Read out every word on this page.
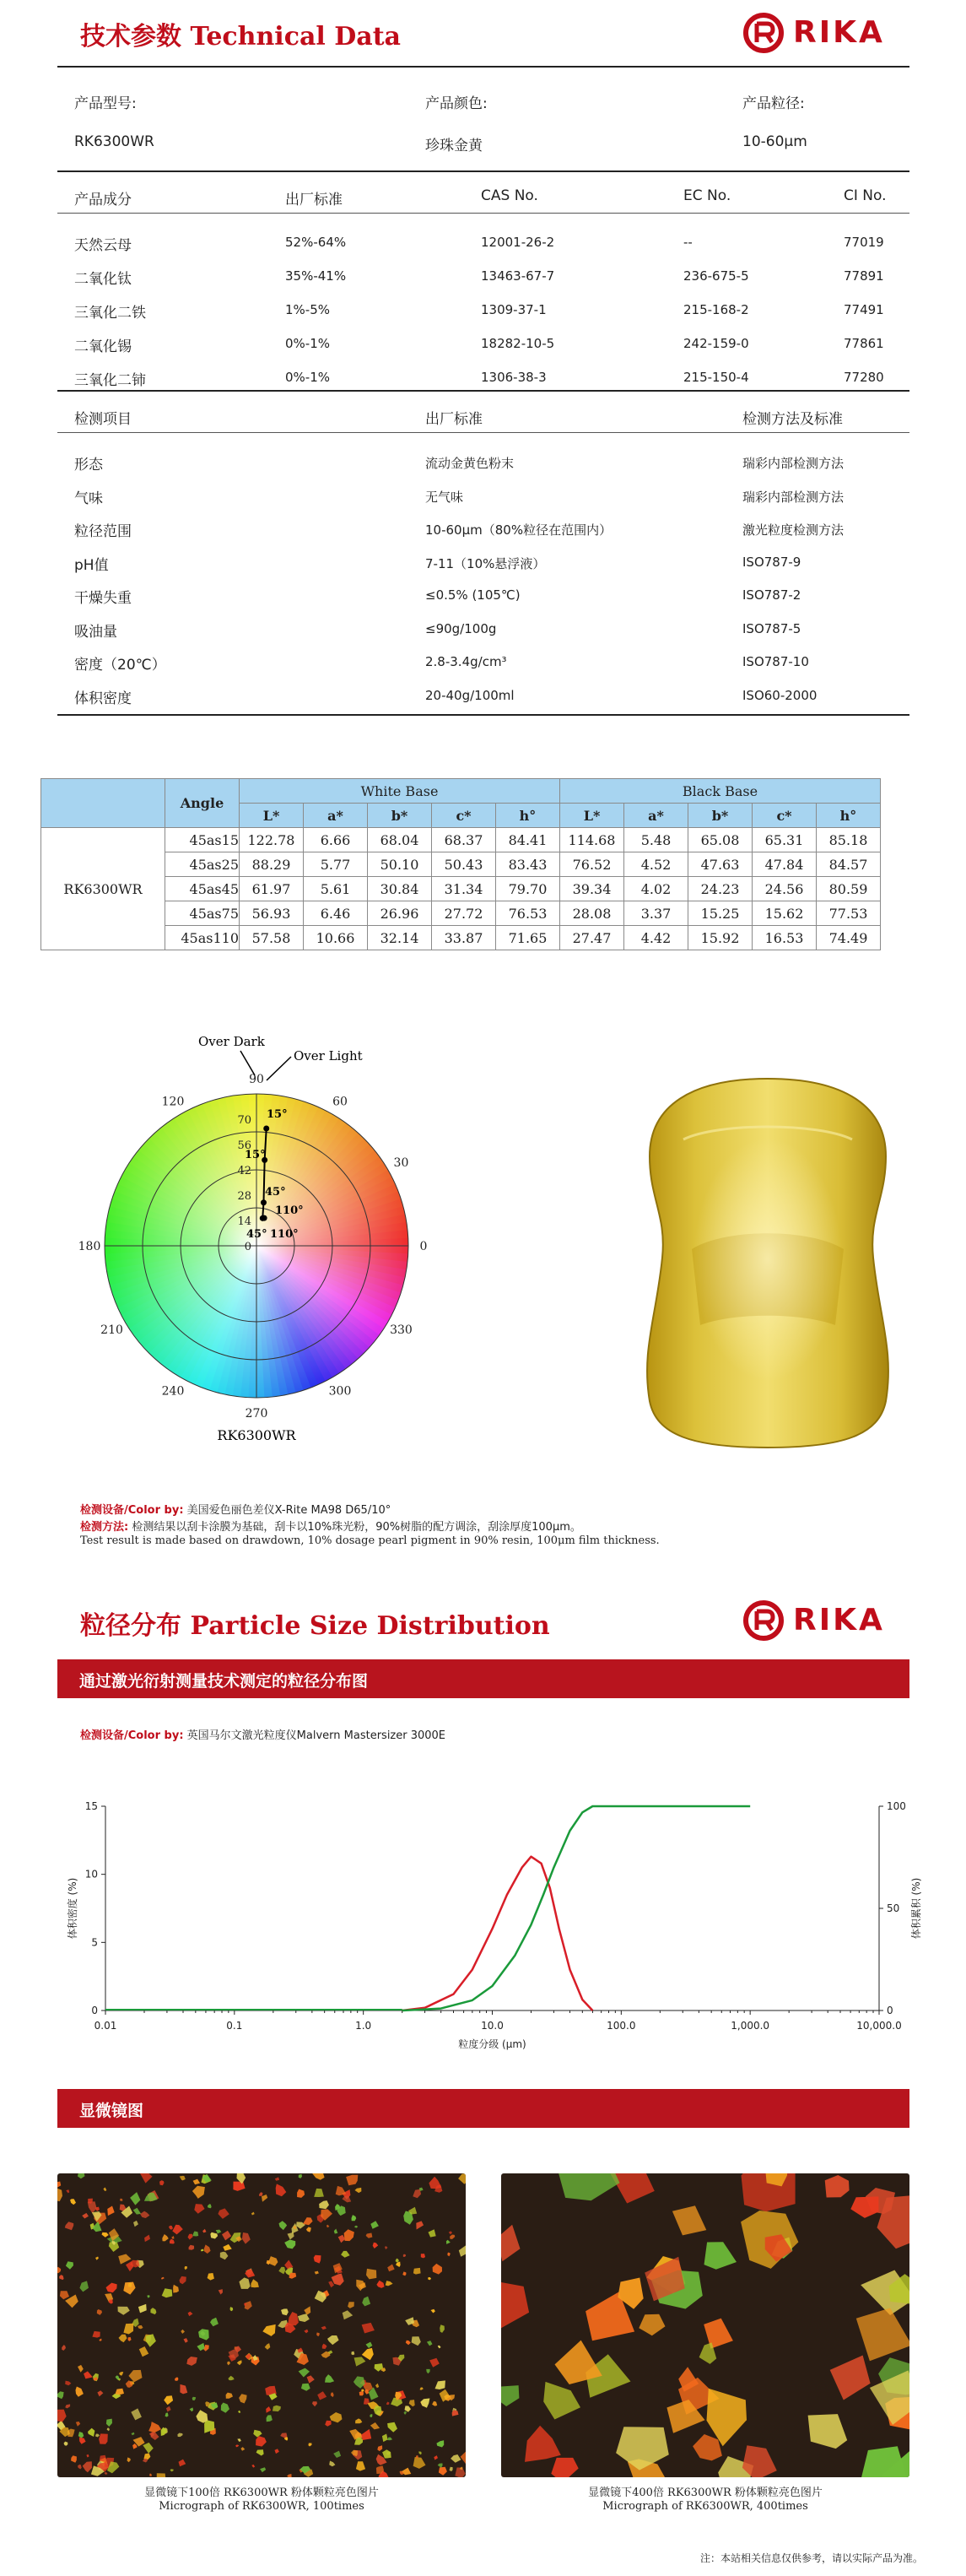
技术参数 Technical Data	RIKA
产品型号:	产品颜色:	产品粒径:
RK6300WR	珍珠金黄	10-60μm
	Angle	White Base					Black Base				
		L*	a*	b*	c*	h°	L*	a*	b*	c*	h°
RK6300WR	45as15	122.78	6.66	68.04	68.37	84.41	114.68	5.48	65.08	65.31	85.18
	45as25	88.29	5.77	50.10	50.43	83.43	76.52	4.52	47.63	47.84	84.57
	45as45	61.97	5.61	30.84	31.34	79.70	39.34	4.02	24.23	24.56	80.59
	45as75	56.93	6.46	26.96	27.72	76.53	28.08	3.37	15.25	15.62	77.53
	45as110	57.58	10.66	32.14	33.87	71.65	27.47	4.42	15.92	16.53	74.49
90
60
30
0
330
300
270
240
210
180
120
70
56
42
28
14
0
15°
15°
45°
110°
45° 110°
Over Dark
Over Light
RK6300WR
检测设备/Color by: 美国爱色丽色差仪X-Rite MA98 D65/10°
检测方法: 检测结果以刮卡涂膜为基础，刮卡以10%珠光粉，90%树脂的配方调涂，刮涂厚度100μm。
Test result is made based on drawdown, 10% dosage pearl pigment in 90% resin, 100μm film thickness.
粒径分布 Particle Size Distribution	RIKA
通过激光衍射测量技术测定的粒径分布图
检测设备/Color by: 英国马尔文激光粒度仪Malvern Mastersizer 3000E
0.01	0.1	1.0	10.0	100.0	1,000.0	10,000.0
0
5
10
15
0
50
100
粒度分级 (μm)
体积密度 (%)	体积累积 (%)
显微镜图
显微镜下100倍 RK6300WR 粉体颗粒亮色图片
Micrograph of RK6300WR, 100times
显微镜下400倍 RK6300WR 粉体颗粒亮色图片
Micrograph of RK6300WR, 400times
注：本站相关信息仅供参考，请以实际产品为准。
产品成分	出厂标准	CAS No.	EC No.	CI No.
天然云母	52%-64%	12001-26-2	--	77019
二氧化钛	35%-41%	13463-67-7	236-675-5	77891
三氧化二铁	1%-5%	1309-37-1	215-168-2	77491
二氧化锡	0%-1%	18282-10-5	242-159-0	77861
三氧化二铈	0%-1%	1306-38-3	215-150-4	77280
检测项目	出厂标准	检测方法及标准
形态	流动金黄色粉末	瑞彩内部检测方法
气味	无气味	瑞彩内部检测方法
粒径范围	10-60μm（80%粒径在范围内）	激光粒度检测方法
pH值	7-11（10%悬浮液）	ISO787-9
干燥失重	≤0.5% (105℃)	ISO787-2
吸油量	≤90g/100g	ISO787-5
密度（20℃）	2.8-3.4g/cm³	ISO787-10
体积密度	20-40g/100ml	ISO60-2000
